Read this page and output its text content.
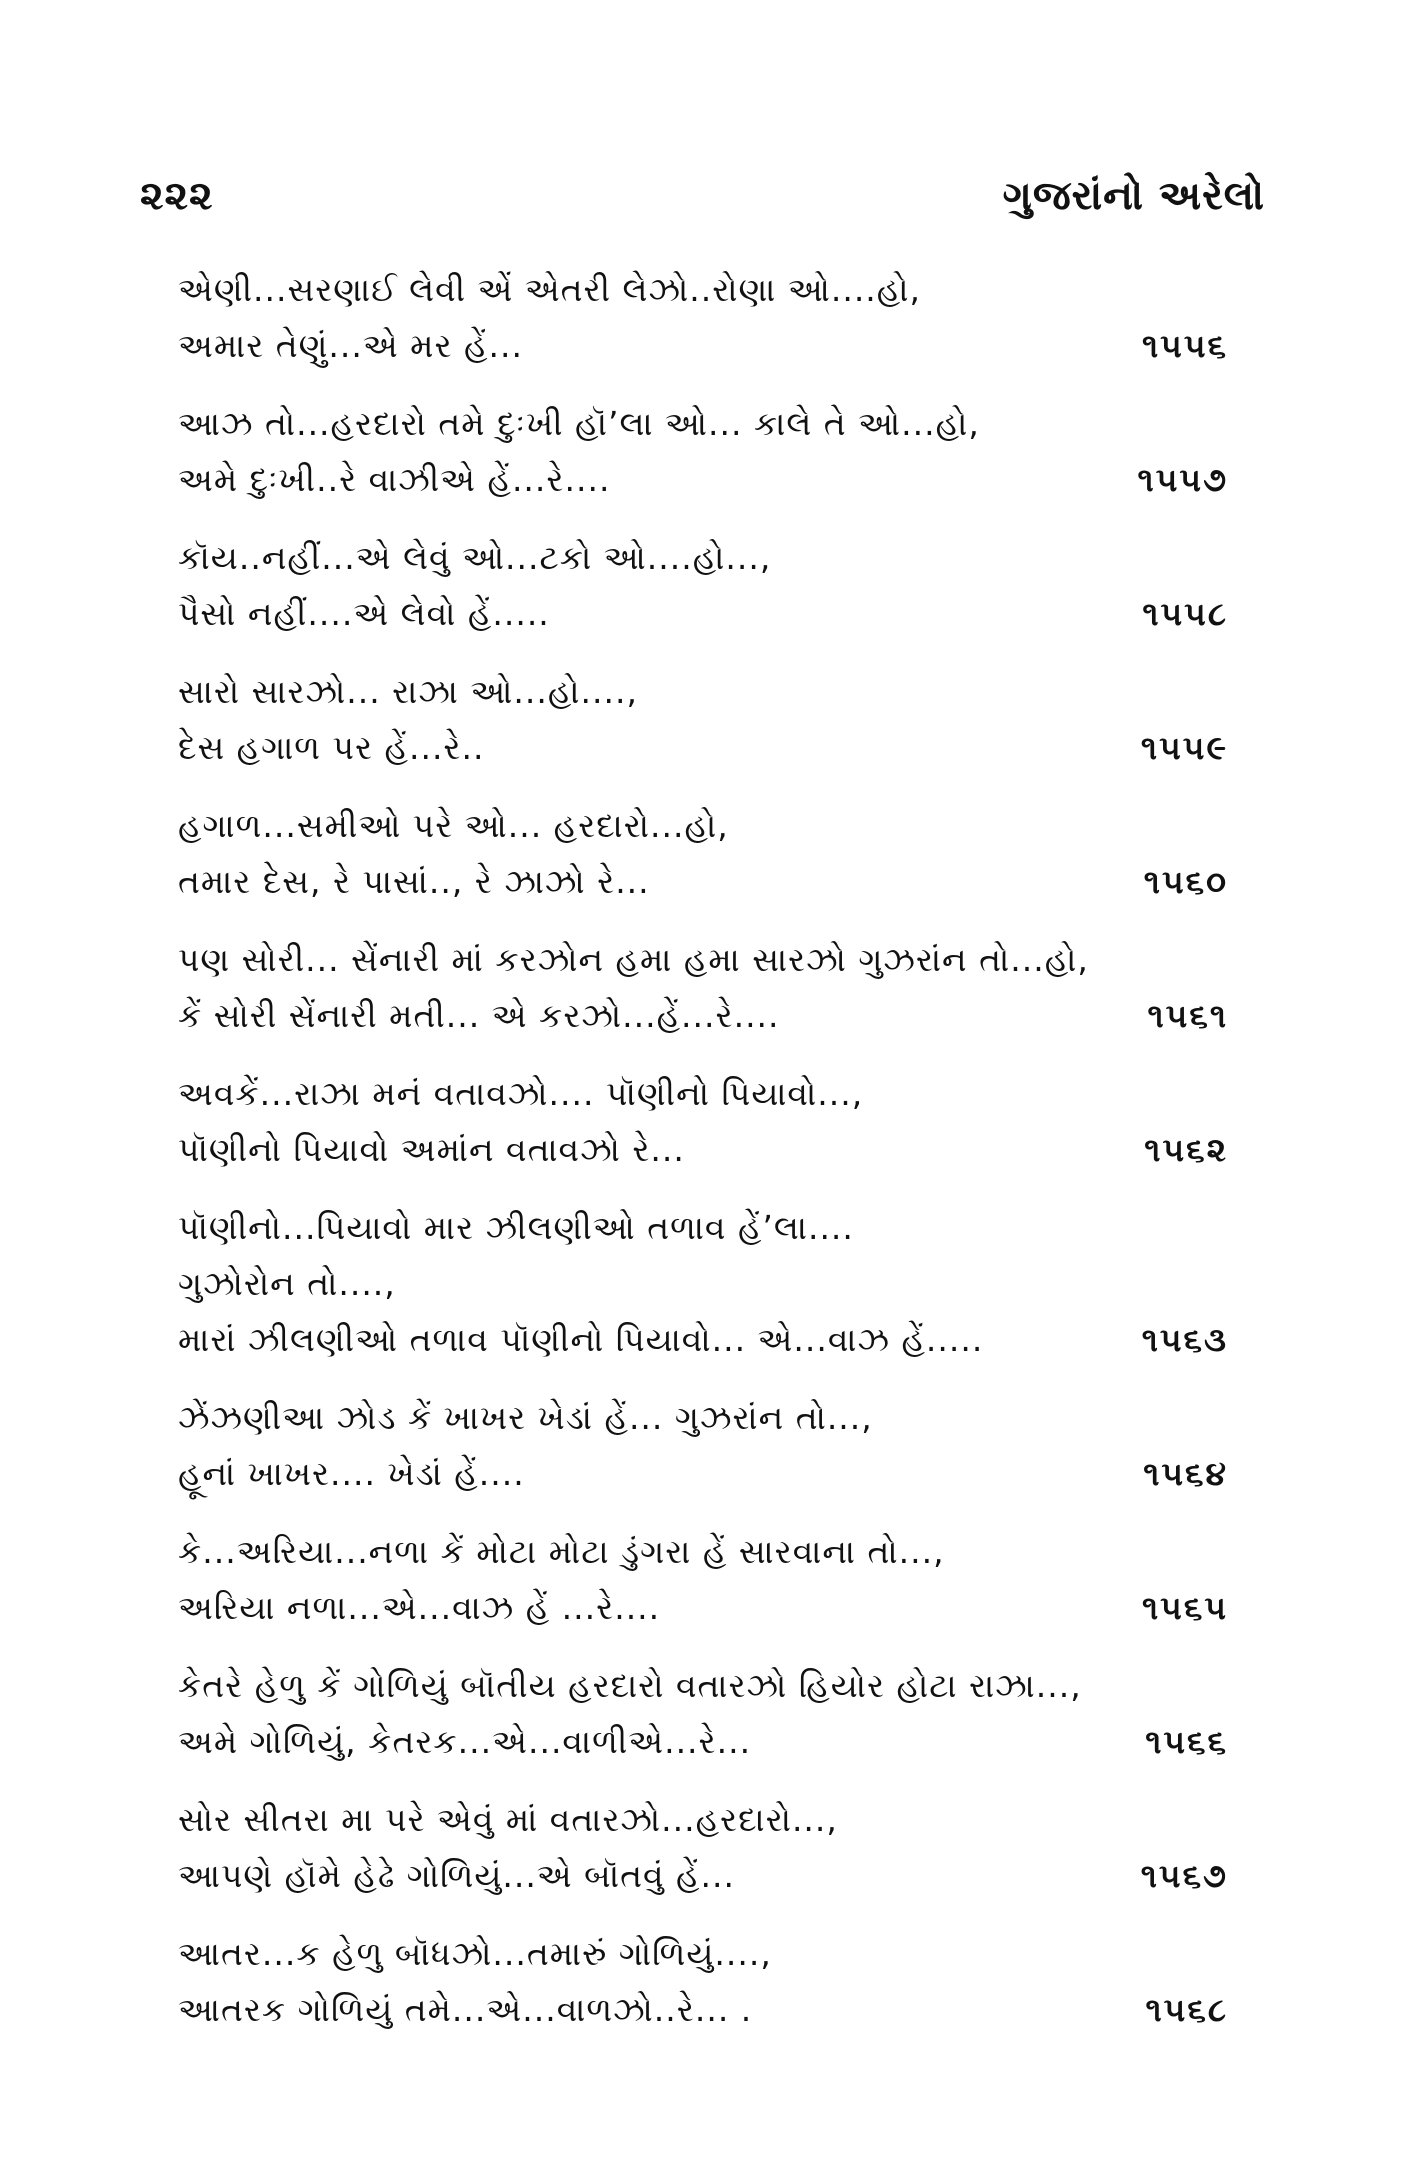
૨૨૨	ગુજરાંનો અરેલો
એણી...સરણાઈ લેવી એં એતરી લેઝો..રોણા ઓ....હો,
અમાર તેણું...એ મર હેં...	૧૫૫૬
આઝ તો...હરદારો તમે દુઃખી હૉ’લા ઓ... કાલે તે ઓ...હો,
અમે દુઃખી..રે વાઝીએ હેં...રે....	૧૫૫૭
કૉય..નહીં...એ લેવું ઓ...ટકો ઓ....હો...,
પૈસો નહીં....એ લેવો હેં.....	૧૫૫૮
સારો સારઝો... રાઝા ઓ...હો....,
દેસ હગાળ પર હેં...રે..	૧૫૫૯
હગાળ...સમીઓ પરે ઓ... હરદારો...હો,
તમાર દેસ, રે પાસાં.., રે ઝાઝો રે...	૧૫૬૦
પણ સોરી... સેંનારી માં કરઝોન હમા હમા સારઝો ગુઝરાંન તો...હો,
કેં સોરી સેંનારી મતી... એ કરઝો...હેં...રે....	૧૫૬૧
અવકેં...રાઝા મનં વતાવઝો.... પૉણીનો પિયાવો...,
પૉણીનો પિયાવો અમાંન વતાવઝો રે...	૧૫૬૨
પૉણીનો...પિયાવો માર ઝીલણીઓ તળાવ હેં’લા....
ગુઝોરોન તો....,
મારાં ઝીલણીઓ તળાવ પૉણીનો પિયાવો... એ...વાઝ હેં.....	૧૫૬૩
ઝેંઝણીઆ ઝોડ કેં ખાખર ખેડાં હેં... ગુઝરાંન તો...,
હૂનાં ખાખર.... ખેડાં હેં....	૧૫૬૪
કે...અરિયા...નળા કેં મોટા મોટા ડુંગરા હેં સારવાના તો...,
અરિયા નળા...એ...વાઝ હેં ...રે....	૧૫૬૫
કેતરે હેળુ કેં ગોળિયું બૉતીય હરદારો વતારઝો હિયોર હોટા રાઝા...,
અમે ગોળિયું, કેતરક...એ...વાળીએ...રે...	૧૫૬૬
સોર સીતરા મા પરે એવું માં વતારઝો...હરદારો...,
આપણે હૉમે હેઢે ગોળિયું...એ બૉતવું હેં...	૧૫૬૭
આતર...ક હેળુ બૉધઝો...તમારું ગોળિયું....,
આતરક ગોળિયું તમે...એ...વાળઝો..રે... .	૧૫૬૮
